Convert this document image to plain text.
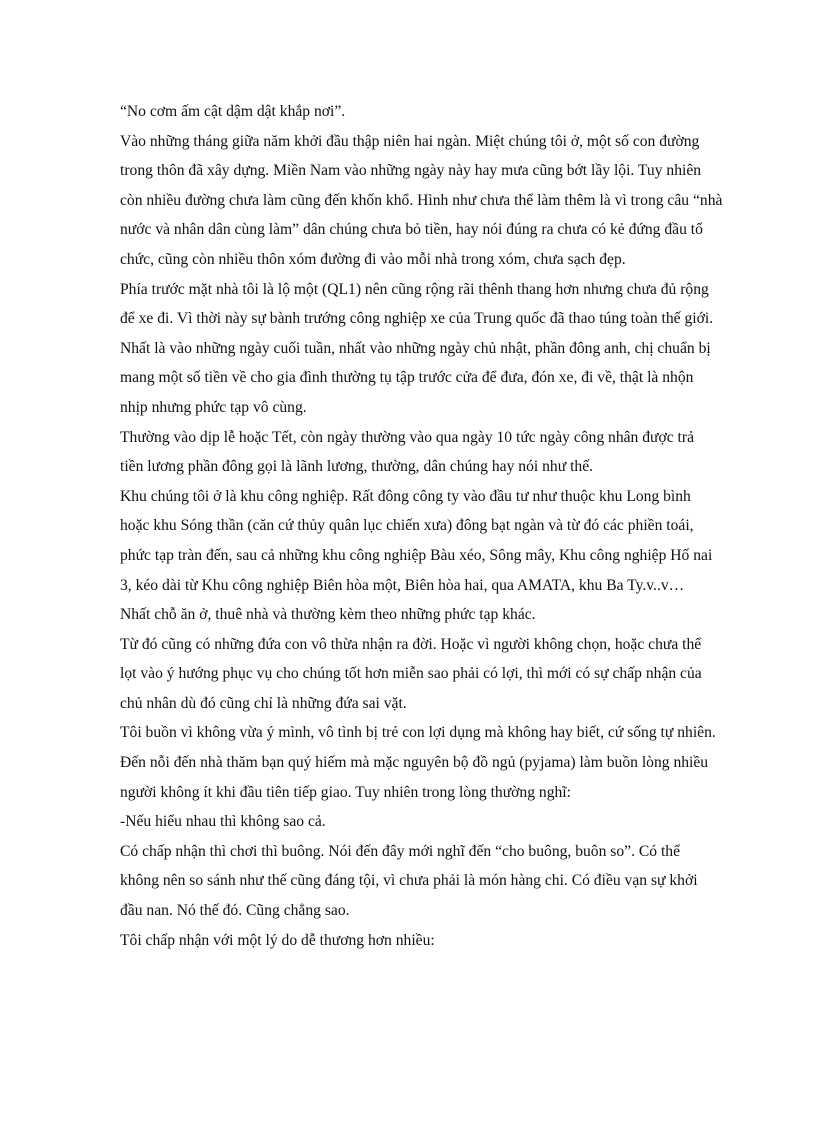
“No cơm ấm cật dậm dật khắp nơi”.
Vào những tháng giữa năm khởi đầu thập niên hai ngàn. Miệt chúng tôi ở, một số con đường
trong thôn đã xây dựng. Miền Nam vào những ngày này hay mưa cũng bớt lầy lội. Tuy nhiên
còn nhiều đường chưa làm cũng đến khốn khổ. Hình như chưa thể làm thêm là vì trong câu “nhà
nước và nhân dân cùng làm” dân chúng chưa bỏ tiền, hay nói đúng ra chưa có kẻ đứng đầu tổ
chức, cũng còn nhiều thôn xóm đường đi vào mỗi nhà trong xóm, chưa sạch đẹp.
Phía trước mặt nhà tôi là lộ một (QL1) nên cũng rộng rãi thênh thang hơn nhưng chưa đủ rộng
để xe đi. Vì thời này sự bành trướng công nghiệp xe của Trung quốc đã thao túng toàn thế giới.
Nhất là vào những ngày cuối tuần, nhất vào những ngày chủ nhật, phần đông anh, chị chuẩn bị
mang một số tiền về cho gia đình thường tụ tập trước cửa để đưa, đón xe, đi về, thật là nhộn
nhịp nhưng phức tạp vô cùng.
Thường vào dịp lễ hoặc Tết, còn ngày thường vào qua ngày 10 tức ngày công nhân được trả
tiền lương phần đông gọi là lãnh lương, thường, dân chúng hay nói như thế.
Khu chúng tôi ở là khu công nghiệp. Rất đông công ty vào đầu tư như thuộc khu Long bình
hoặc khu Sóng thần (căn cứ thủy quân lục chiến xưa) đông bạt ngàn và từ đó các phiền toái,
phức tạp tràn đến, sau cả những khu công nghiệp Bàu xéo, Sông mây, Khu công nghiệp Hố nai
3, kéo dài từ Khu công nghiệp Biên hòa một, Biên hòa hai, qua AMATA, khu Ba Ty.v..v…
Nhất chỗ ăn ở, thuê nhà và thường kèm theo những phức tạp khác.
Từ đó cũng có những đứa con vô thừa nhận ra đời. Hoặc vì người không chọn, hoặc chưa thể
lọt vào ý hướng phục vụ cho chúng tốt hơn miễn sao phải có lợi, thì mới có sự chấp nhận của
chủ nhân dù đó cũng chỉ là những đứa sai vặt.
Tôi buồn vì không vừa ý mình, vô tình bị trẻ con lợi dụng mà không hay biết, cứ sống tự nhiên.
Đến nỗi đến nhà thăm bạn quý hiếm mà mặc nguyên bộ đồ ngủ (pyjama) làm buồn lòng nhiều
người không ít khi đầu tiên tiếp giao. Tuy nhiên trong lòng thường nghĩ:
-Nếu hiểu nhau thì không sao cả.
Có chấp nhận thì chơi thì buông. Nói đến đây mới nghĩ đến “cho buông, buôn so”. Có thể
không nên so sánh như thế cũng đáng tội, vì chưa phải là món hàng chi. Có điều vạn sự khởi
đầu nan. Nó thế đó. Cũng chẳng sao.
Tôi chấp nhận với một lý do dễ thương hơn nhiều:
